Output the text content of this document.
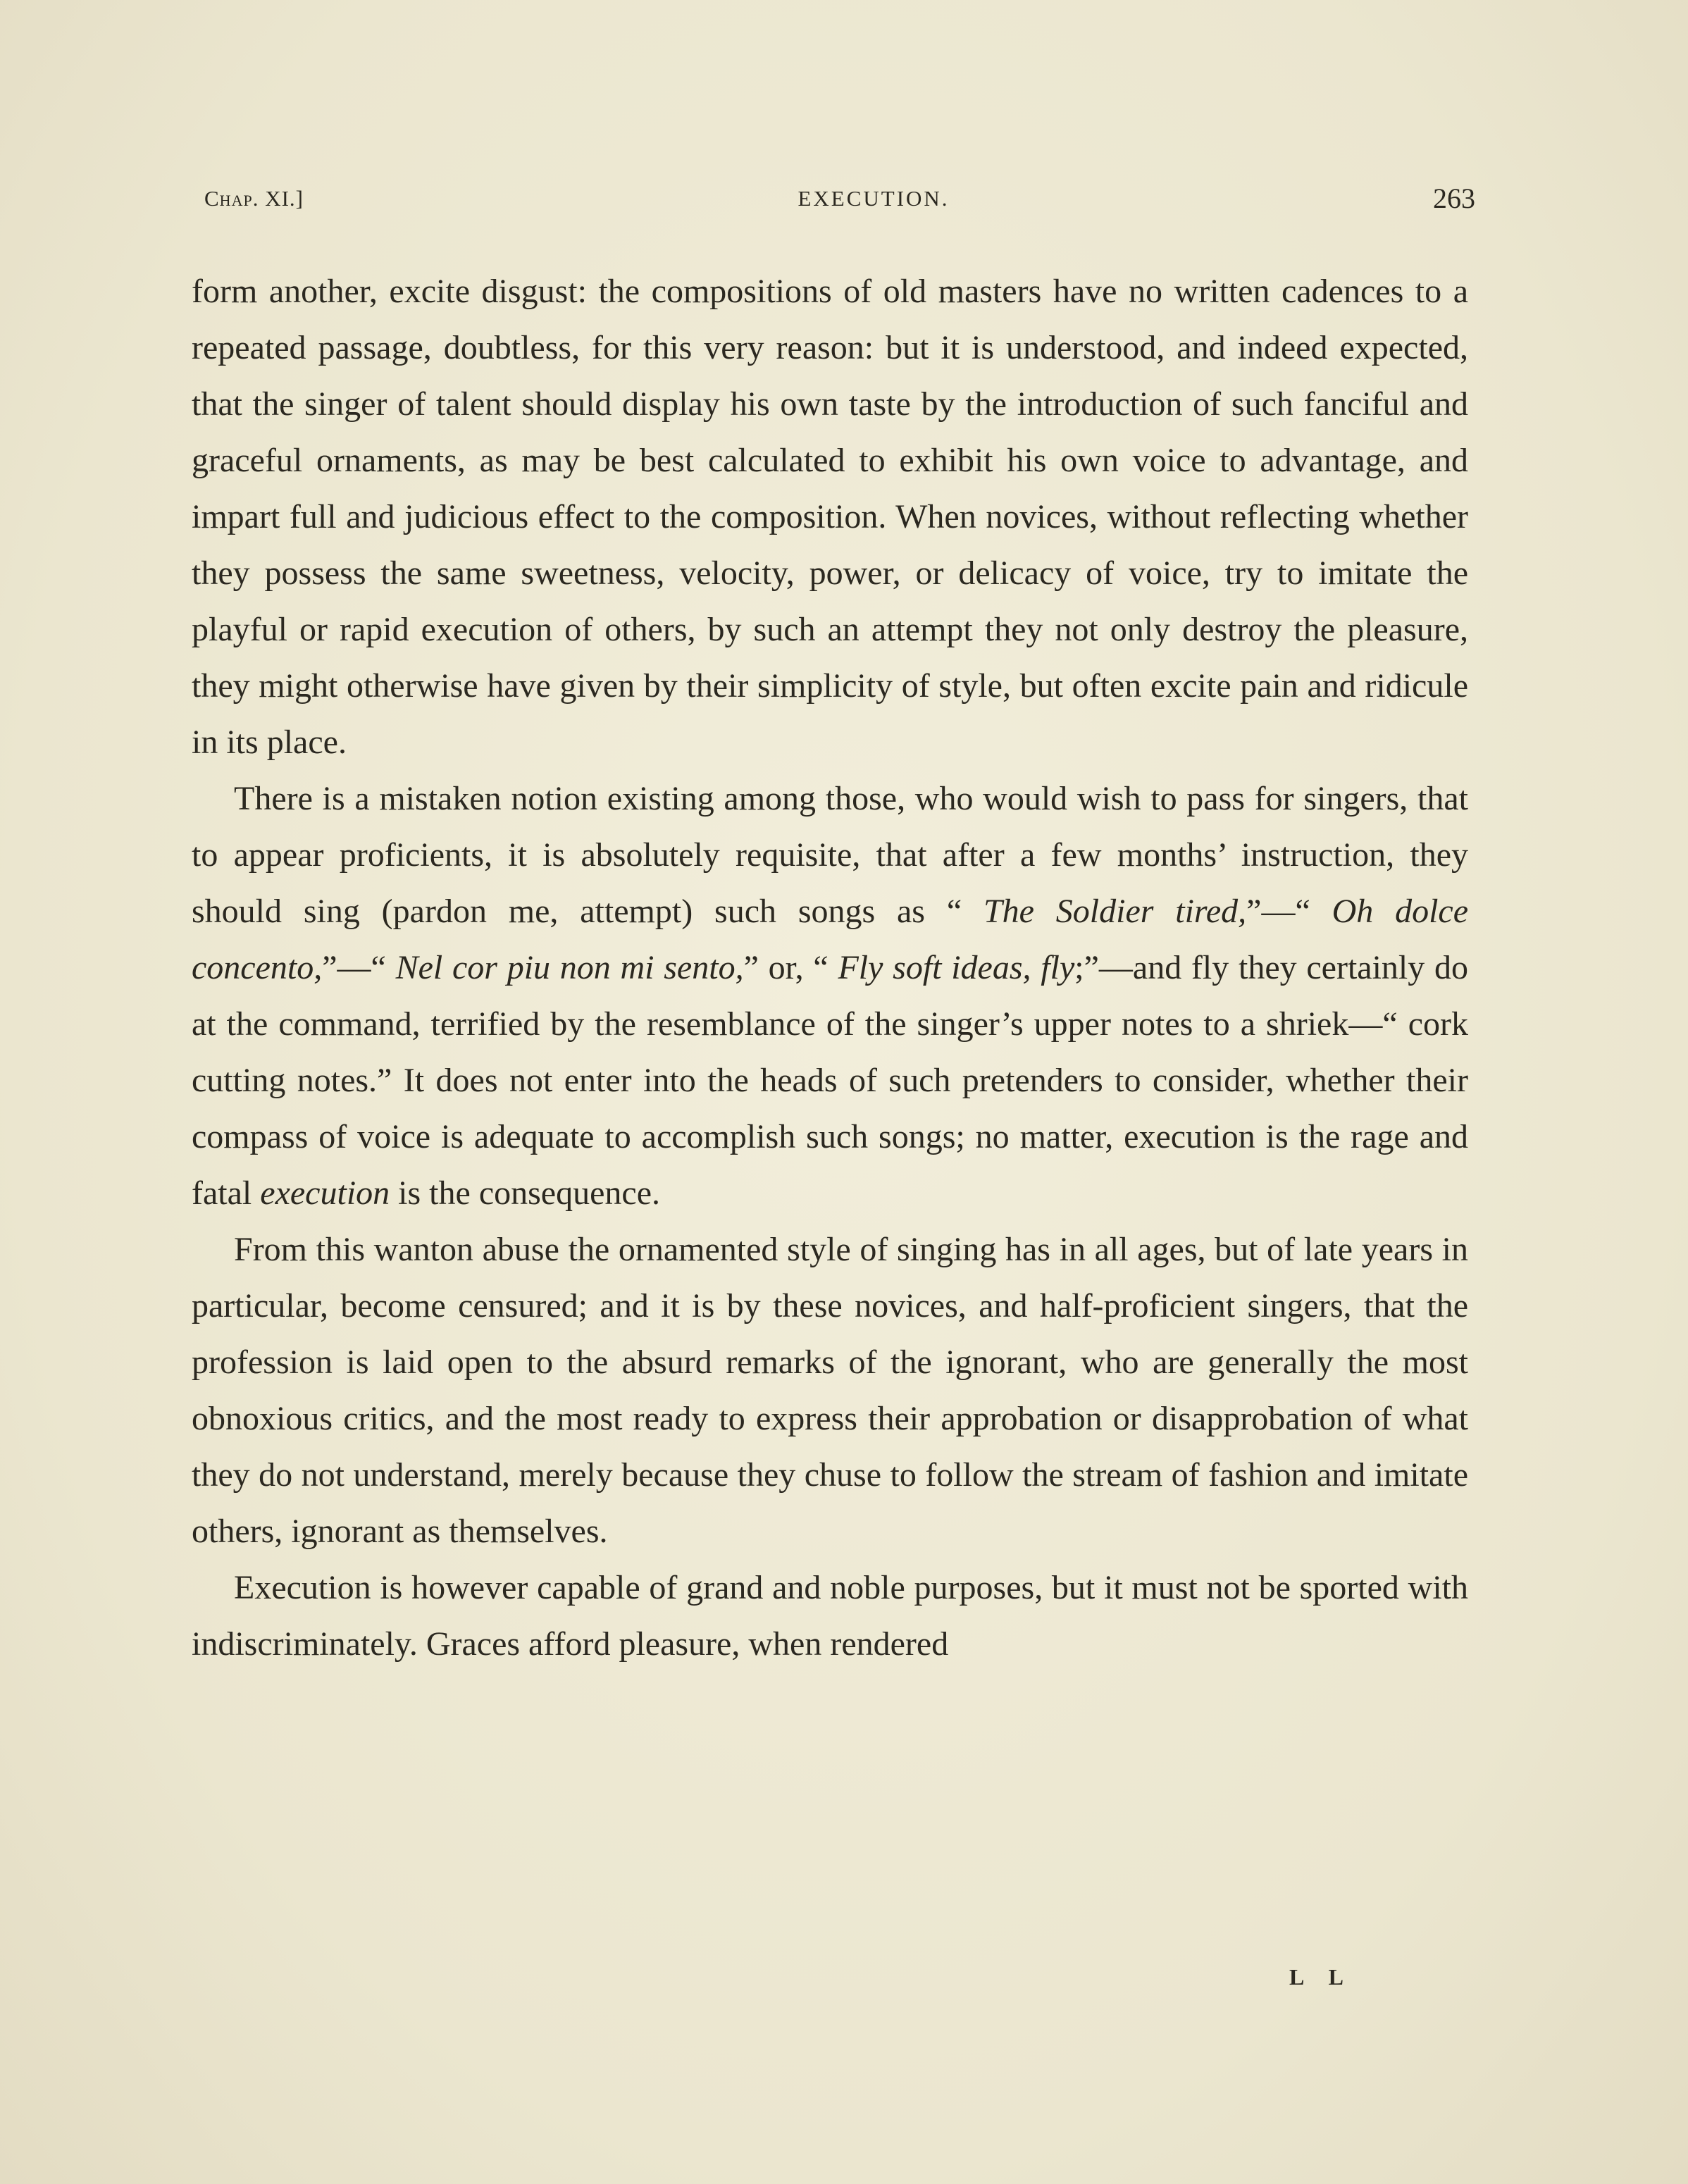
Chap. XI.]	EXECUTION.	263

form another, excite disgust: the compositions of old masters have no written cadences to a repeated passage, doubtless, for this very reason: but it is understood, and indeed expected, that the singer of talent should display his own taste by the introduction of such fanciful and graceful ornaments, as may be best calculated to exhibit his own voice to advantage, and impart full and judicious effect to the composition. When novices, without reflecting whether they possess the same sweetness, velocity, power, or delicacy of voice, try to imitate the playful or rapid execution of others, by such an attempt they not only destroy the pleasure, they might otherwise have given by their simplicity of style, but often excite pain and ridicule in its place.

There is a mistaken notion existing among those, who would wish to pass for singers, that to appear proficients, it is absolutely requisite, that after a few months’ instruction, they should sing (pardon me, attempt) such songs as “ The Soldier tired,”—“ Oh dolce concento,”—“ Nel cor piu non mi sento,” or, “ Fly soft ideas, fly;”—and fly they certainly do at the command, terrified by the resemblance of the singer’s upper notes to a shriek—“ cork cutting notes.” It does not enter into the heads of such pretenders to consider, whether their compass of voice is adequate to accomplish such songs; no matter, execution is the rage and fatal execution is the consequence.

From this wanton abuse the ornamented style of singing has in all ages, but of late years in particular, become censured; and it is by these novices, and half-proficient singers, that the profession is laid open to the absurd remarks of the ignorant, who are generally the most obnoxious critics, and the most ready to express their approbation or disapprobation of what they do not understand, merely because they chuse to follow the stream of fashion and imitate others, ignorant as themselves.

Execution is however capable of grand and noble purposes, but it must not be sported with indiscriminately. Graces afford pleasure, when rendered

L L
